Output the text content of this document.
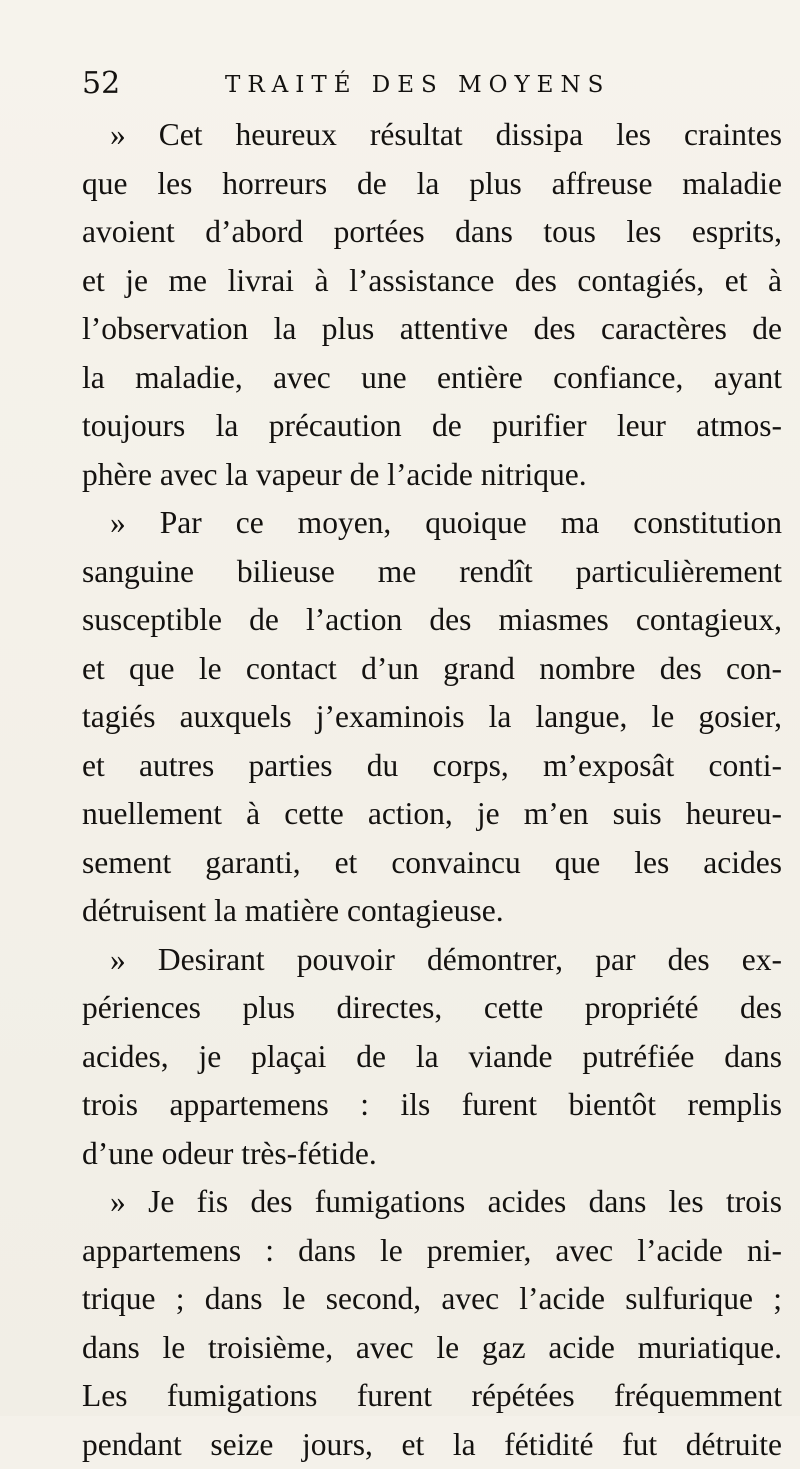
52	TRAITÉ DES MOYENS
» Cet heureux résultat dissipa les craintes
que les horreurs de la plus affreuse maladie
avoient d’abord portées dans tous les esprits,
et je me livrai à l’assistance des contagiés, et à
l’observation la plus attentive des caractères de
la maladie, avec une entière confiance, ayant
toujours la précaution de purifier leur atmos-
phère avec la vapeur de l’acide nitrique.
» Par ce moyen, quoique ma constitution
sanguine bilieuse me rendît particulièrement
susceptible de l’action des miasmes contagieux,
et que le contact d’un grand nombre des con-
tagiés auxquels j’examinois la langue, le gosier,
et autres parties du corps, m’exposât conti-
nuellement à cette action, je m’en suis heureu-
sement garanti, et convaincu que les acides
détruisent la matière contagieuse.
» Desirant pouvoir démontrer, par des ex-
périences plus directes, cette propriété des
acides, je plaçai de la viande putréfiée dans
trois appartemens : ils furent bientôt remplis
d’une odeur très-fétide.
» Je fis des fumigations acides dans les trois
appartemens : dans le premier, avec l’acide ni-
trique ; dans le second, avec l’acide sulfurique ;
dans le troisième, avec le gaz acide muriatique.
Les fumigations furent répétées fréquemment
pendant seize jours, et la fétidité fut détruite
